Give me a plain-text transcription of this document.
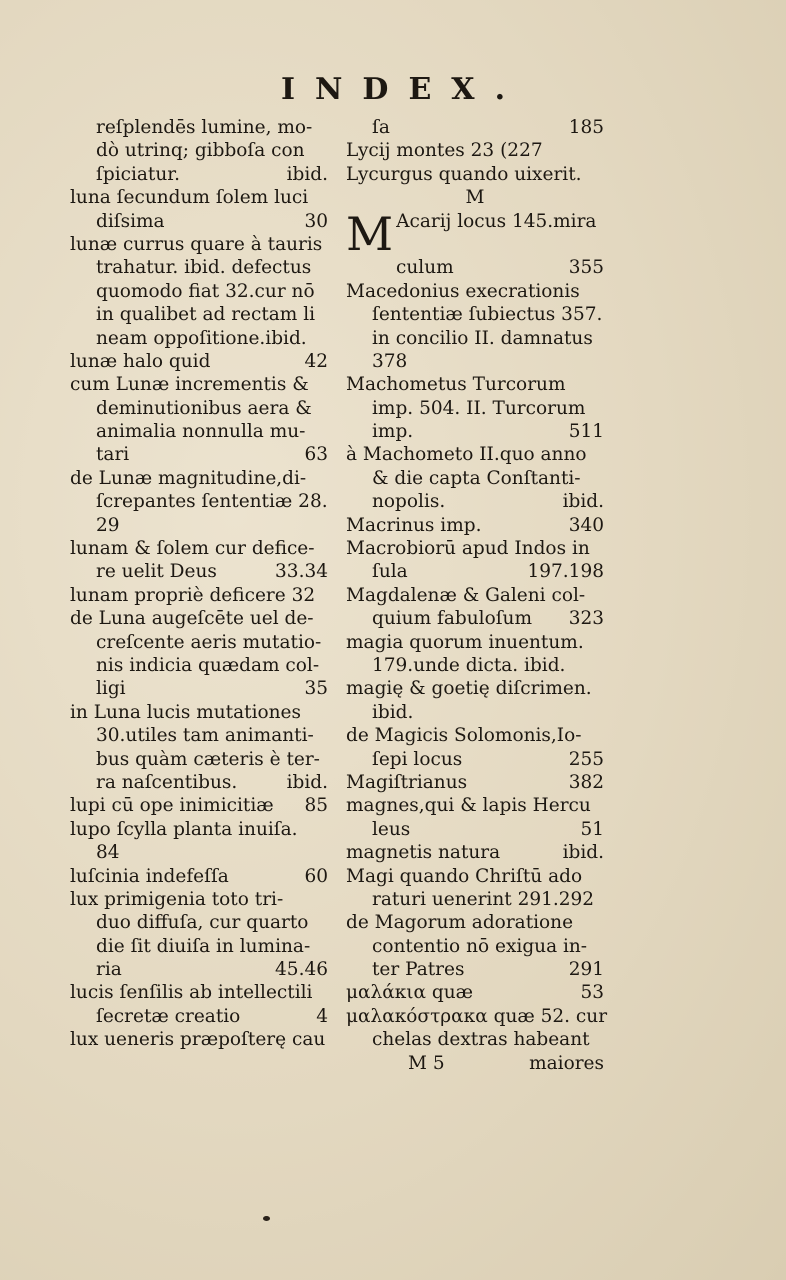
INDEX.
reſplendēs lumine, mo-
dò utrinq; gibboſa con
ſpiciatur.	ibid.
luna ſecundum ſolem luci
diſsima	30
lunæ currus quare à tauris
trahatur. ibid. defectus
quomodo fiat 32.cur nō
in qualibet ad rectam li
neam oppoſitione.ibid.
lunæ halo quid	42
cum Lunæ incrementis &
deminutionibus aera &
animalia nonnulla mu-
tari	63
de Lunæ magnitudine,di-
ſcrepantes ſententiæ 28.
29
lunam & ſolem cur defice-
re uelit Deus	33.34
lunam propriè deficere 32
de Luna augeſcēte uel de-
creſcente aeris mutatio-
nis indicia quædam col-
ligi	35
in Luna lucis mutationes
30.utiles tam animanti-
bus quàm cæteris è ter-
ra naſcentibus.	ibid.
lupi cū ope inimicitiæ 85
lupo ſcylla planta inuiſa.
84
luſcinia indefeſſa	60
lux primigenia toto tri-
duo diffuſa, cur quarto
die ſit diuiſa in lumina-
ria	45.46
lucis ſenſilis ab intellectili
ſecretæ creatio	4
lux ueneris præpoſterę cau
ſa	185
Lycij montes 23 (227
Lycurgus quando uixerit.
M
M Acarij locus 145.mira
culum	355
Macedonius execrationis
ſententiæ ſubiectus 357.
in concilio II. damnatus
378
Machometus Turcorum
imp. 504. II. Turcorum
imp.	511
à Machometo II.quo anno
& die capta Conſtanti-
nopolis.	ibid.
Macrinus imp.	340
Macrobiorū apud Indos in
ſula	197.198
Magdalenæ & Galeni col-
quium fabuloſum 323
magia quorum inuentum.
179.unde dicta. ibid.
magię & goetię diſcrimen.
ibid.
de Magicis Solomonis,Io-
ſepi locus	255
Magiſtrianus	382
magnes,qui & lapis Hercu
leus	51
magnetis natura	ibid.
Magi quando Chriſtū ado
raturi uenerint 291.292
de Magorum adoratione
contentio nō exigua in-
ter Patres	291
μαλάκια quæ	53
μαλακόστρακα quæ 52. cur
chelas dextras habeant
M 5	maiores
